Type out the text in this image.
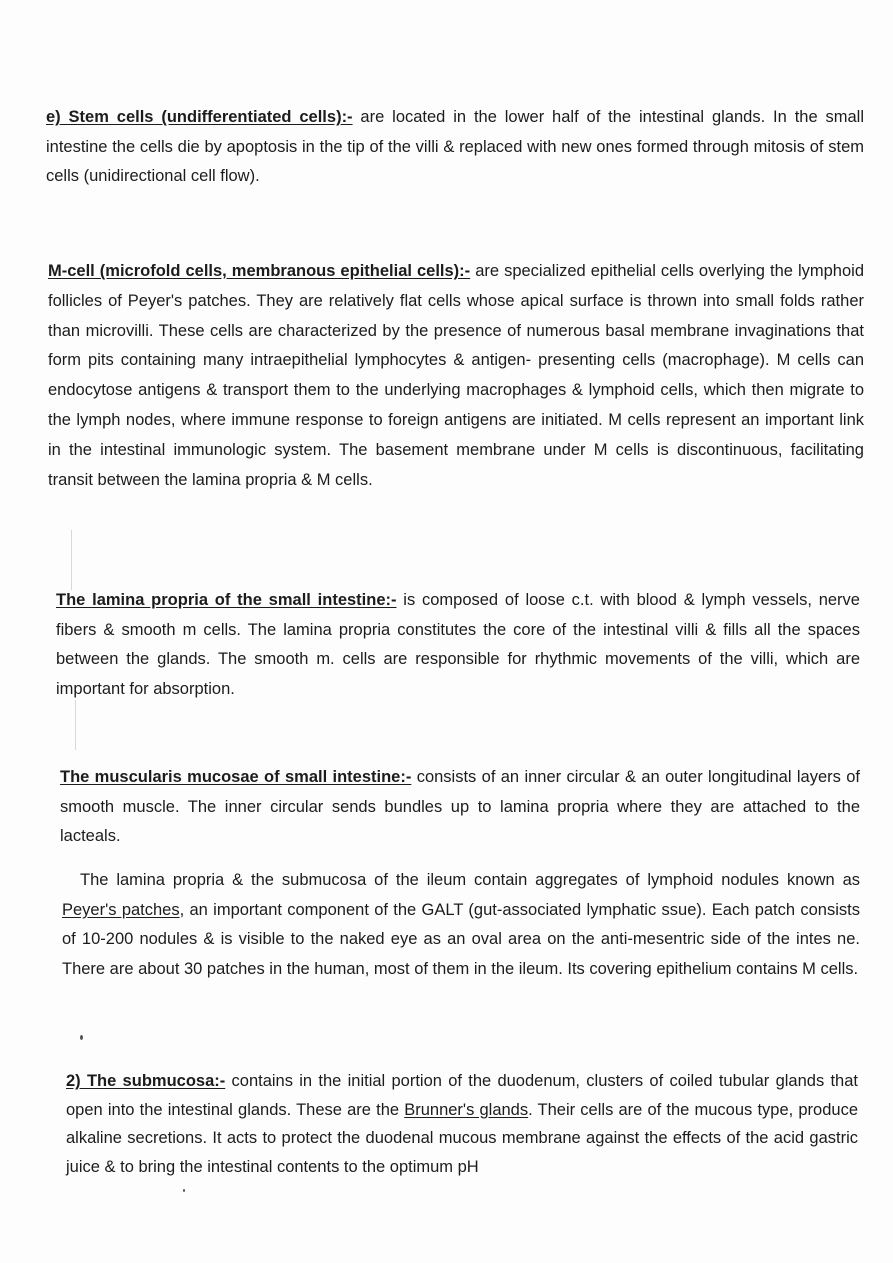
e) Stem cells (undifferentiated cells):- are located in the lower half of the intestinal glands. In the small intestine the cells die by apoptosis in the tip of the villi & replaced with new ones formed through mitosis of stem cells (unidirectional cell flow).

M-cell (microfold cells, membranous epithelial cells):- are specialized epithelial cells overlying the lymphoid follicles of Peyer's patches. They are relatively flat cells whose apical surface is thrown into small folds rather than microvilli. These cells are characterized by the presence of numerous basal membrane invaginations that form pits containing many intraepithelial lymphocytes & antigen- presenting cells (macrophage). M cells can endocytose antigens & transport them to the underlying macrophages & lymphoid cells, which then migrate to the lymph nodes, where immune response to foreign antigens are initiated. M cells represent an important link in the intestinal immunologic system. The basement membrane under M cells is discontinuous, facilitating transit between the lamina propria & M cells.

The lamina propria of the small intestine:- is composed of loose c.t. with blood & lymph vessels, nerve fibers & smooth m cells. The lamina propria constitutes the core of the intestinal villi & fills all the spaces between the glands. The smooth m. cells are responsible for rhythmic movements of the villi, which are important for absorption.

The muscularis mucosae of small intestine:- consists of an inner circular & an outer longitudinal layers of smooth muscle. The inner circular sends bundles up to lamina propria where they are attached to the lacteals.

The lamina propria & the submucosa of the ileum contain aggregates of lymphoid nodules known as Peyer's patches, an important component of the GALT (gut-associated lymphatic ssue). Each patch consists of 10-200 nodules & is visible to the naked eye as an oval area on the anti-mesentric side of the intes ne. There are about 30 patches in the human, most of them in the ileum. Its covering epithelium contains M cells.

2) The submucosa:- contains in the initial portion of the duodenum, clusters of coiled tubular glands that open into the intestinal glands. These are the Brunner's glands. Their cells are of the mucous type, produce alkaline secretions. It acts to protect the duodenal mucous membrane against the effects of the acid gastric juice & to bring the intestinal contents to the optimum pH
